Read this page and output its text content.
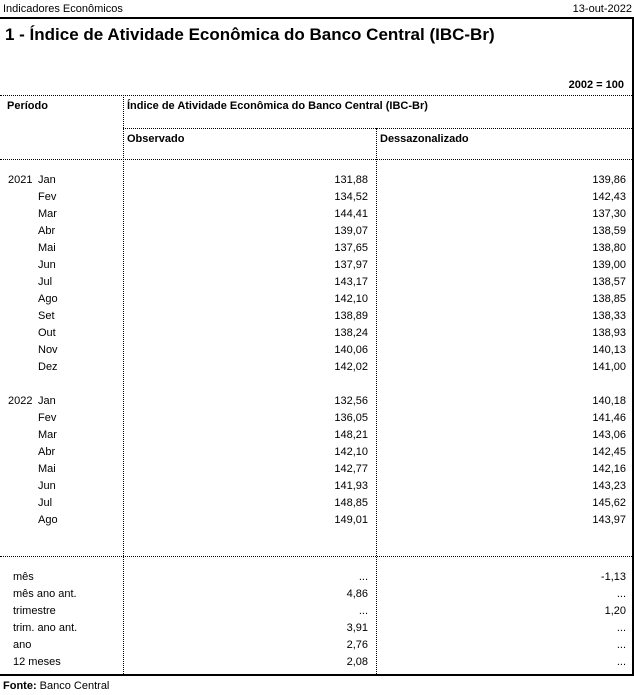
Indicadores Econômicos	13-out-2022
1 - Índice de Atividade Econômica do Banco Central (IBC-Br)
2002 = 100
Período	Índice de Atividade Econômica do Banco Central (IBC-Br)
Observado	Dessazonalizado
2021 Jan	131,88	139,86
Fev	134,52	142,43
Mar	144,41	137,30
Abr	139,07	138,59
Mai	137,65	138,80
Jun	137,97	139,00
Jul	143,17	138,57
Ago	142,10	138,85
Set	138,89	138,33
Out	138,24	138,93
Nov	140,06	140,13
Dez	142,02	141,00
2022 Jan	132,56	140,18
Fev	136,05	141,46
Mar	148,21	143,06
Abr	142,10	142,45
Mai	142,77	142,16
Jun	141,93	143,23
Jul	148,85	145,62
Ago	149,01	143,97
mês	...	-1,13
mês ano ant.	4,86	...
trimestre	...	1,20
trim. ano ant.	3,91	...
ano	2,76	...
12 meses	2,08	...
Fonte: Banco Central
